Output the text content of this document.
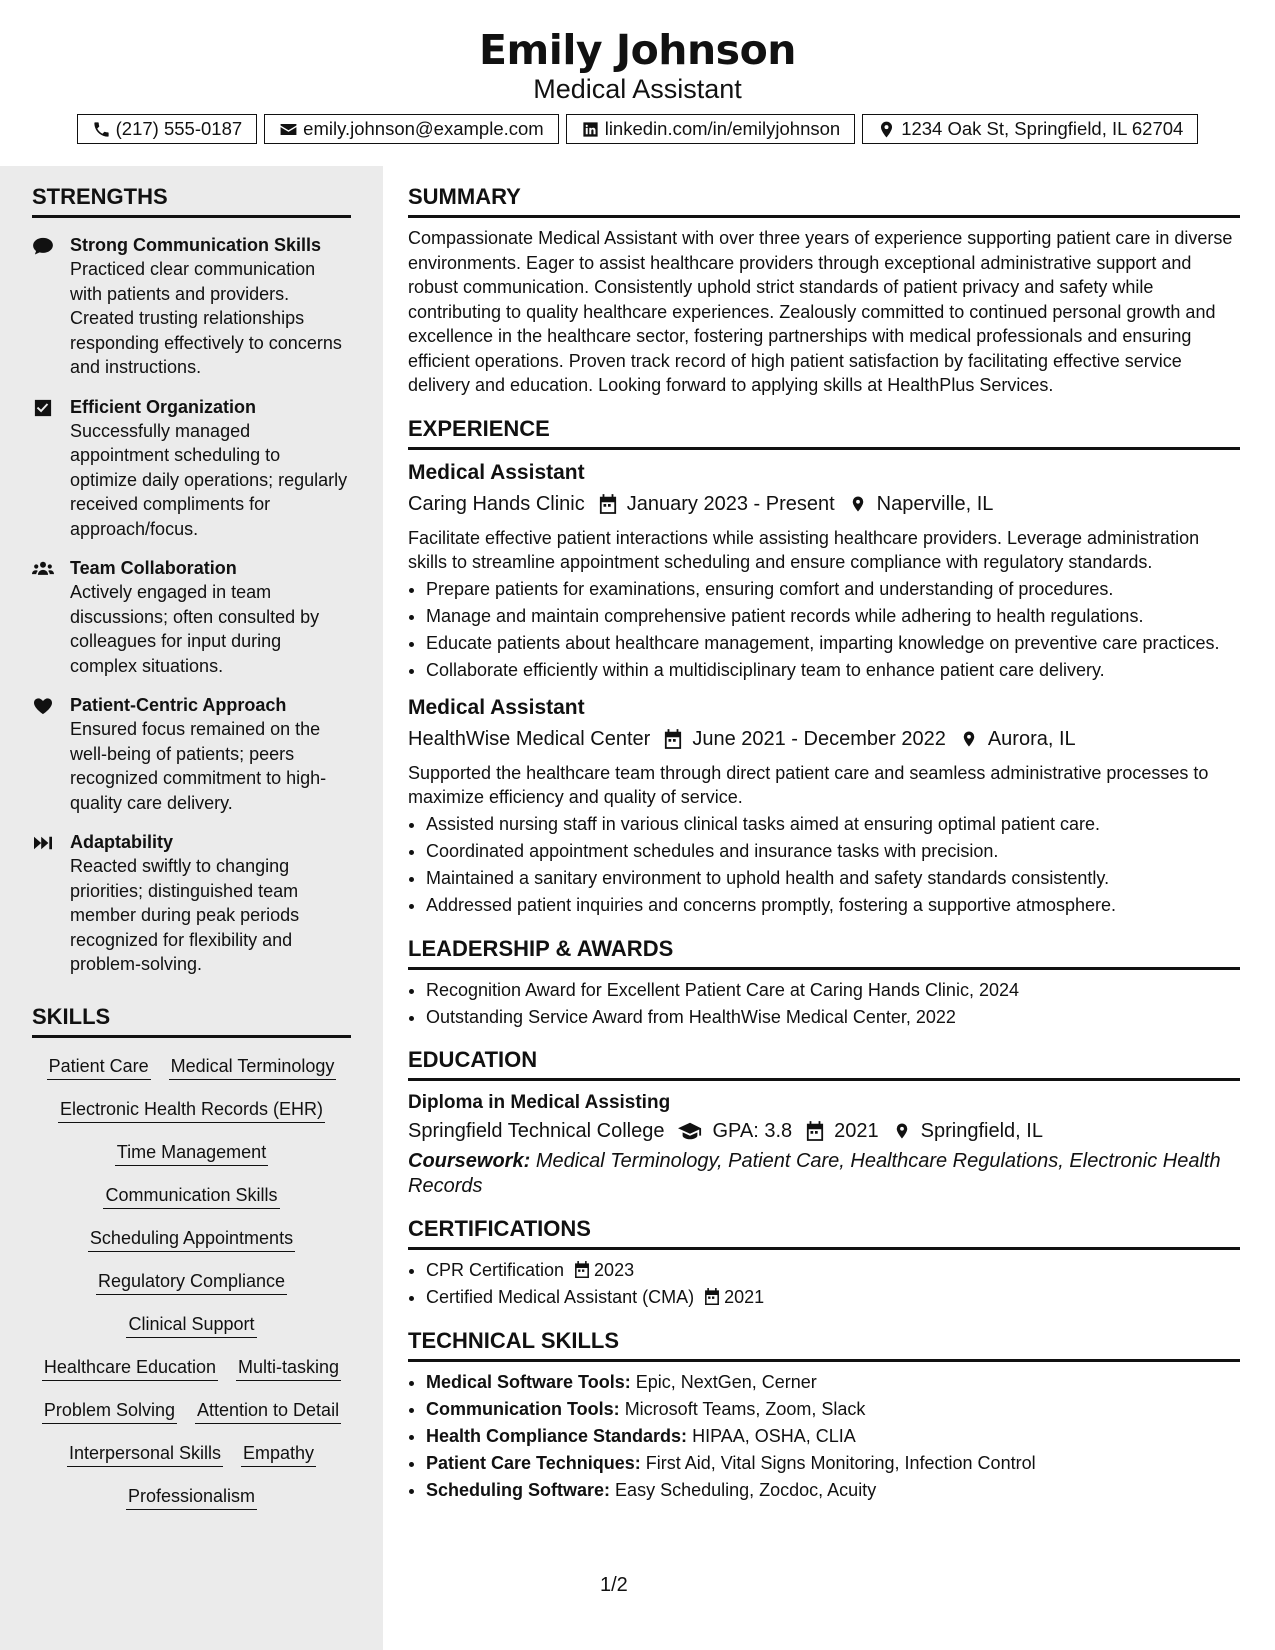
Emily Johnson
Medical Assistant
(217) 555-0187	emily.johnson@example.com	linkedin.com/in/emilyjohnson	1234 Oak St, Springfield, IL 62704
STRENGTHS
Strong Communication Skills
Practiced clear communication with patients and providers. Created trusting relationships responding effectively to concerns and instructions.
Efficient Organization
Successfully managed appointment scheduling to optimize daily operations; regularly received compliments for approach/focus.
Team Collaboration
Actively engaged in team discussions; often consulted by colleagues for input during complex situations.
Patient-Centric Approach
Ensured focus remained on the well-being of patients; peers recognized commitment to high-quality care delivery.
Adaptability
Reacted swiftly to changing priorities; distinguished team member during peak periods recognized for flexibility and problem-solving.
SKILLS
Patient Care Medical Terminology
Electronic Health Records (EHR)
Time Management
Communication Skills
Scheduling Appointments
Regulatory Compliance
Clinical Support
Healthcare Education Multi-tasking
Problem Solving Attention to Detail
Interpersonal Skills Empathy
Professionalism
SUMMARY
Compassionate Medical Assistant with over three years of experience supporting patient care in diverse environments. Eager to assist healthcare providers through exceptional administrative support and robust communication. Consistently uphold strict standards of patient privacy and safety while contributing to quality healthcare experiences. Zealously committed to continued personal growth and excellence in the healthcare sector, fostering partnerships with medical professionals and ensuring efficient operations. Proven track record of high patient satisfaction by facilitating effective service delivery and education. Looking forward to applying skills at HealthPlus Services.
EXPERIENCE
Medical Assistant
Caring Hands Clinic January 2023 - Present Naperville, IL
Facilitate effective patient interactions while assisting healthcare providers. Leverage administration skills to streamline appointment scheduling and ensure compliance with regulatory standards.
• Prepare patients for examinations, ensuring comfort and understanding of procedures.
• Manage and maintain comprehensive patient records while adhering to health regulations.
• Educate patients about healthcare management, imparting knowledge on preventive care practices.
• Collaborate efficiently within a multidisciplinary team to enhance patient care delivery.
Medical Assistant
HealthWise Medical Center June 2021 - December 2022 Aurora, IL
Supported the healthcare team through direct patient care and seamless administrative processes to maximize efficiency and quality of service.
• Assisted nursing staff in various clinical tasks aimed at ensuring optimal patient care.
• Coordinated appointment schedules and insurance tasks with precision.
• Maintained a sanitary environment to uphold health and safety standards consistently.
• Addressed patient inquiries and concerns promptly, fostering a supportive atmosphere.
LEADERSHIP & AWARDS
• Recognition Award for Excellent Patient Care at Caring Hands Clinic, 2024
• Outstanding Service Award from HealthWise Medical Center, 2022
EDUCATION
Diploma in Medical Assisting
Springfield Technical College GPA: 3.8 2021 Springfield, IL
Coursework: Medical Terminology, Patient Care, Healthcare Regulations, Electronic Health Records
CERTIFICATIONS
• CPR Certification 2023
• Certified Medical Assistant (CMA) 2021
TECHNICAL SKILLS
• Medical Software Tools: Epic, NextGen, Cerner
• Communication Tools: Microsoft Teams, Zoom, Slack
• Health Compliance Standards: HIPAA, OSHA, CLIA
• Patient Care Techniques: First Aid, Vital Signs Monitoring, Infection Control
• Scheduling Software: Easy Scheduling, Zocdoc, Acuity
1/2
